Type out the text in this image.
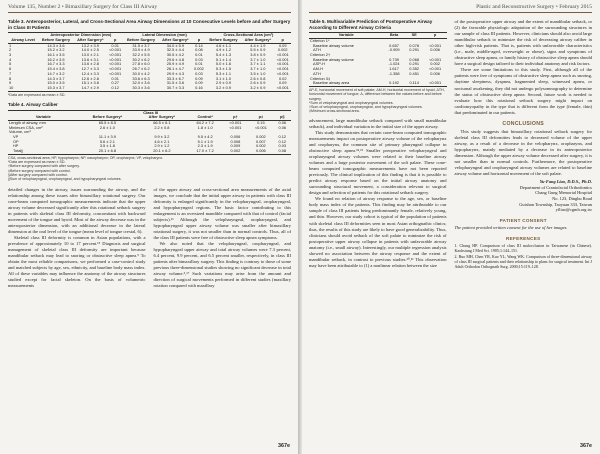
Volume 135, Number 2 • Bimaxillary Surgery for Class III Airway
Table 3. Anteroposterior, Lateral, and Cross-Sectional Area Airway Dimensions at 10 Consecutive Levels before and after Surgery in Class III Patients
	Anteroposterior Dimension (mm)			Lateral Dimension (mm)			Cross-Sectional Area (cm²)		
Airway Level	Before Surgery	After Surgery*	p	Before Surgery	After Surgery*	p	Before Surgery	After Surgery*	p
1	14.3 ± 3.6	13.2 ± 3.9	0.01	31.5 ± 3.7	34.0 ± 5.9	0.14	4.6 ± 1.1	4.4 ± 1.9	0.09
2	15.2 ± 3.2	14.0 ± 2.5	<0.001	33.9 ± 4.9	32.5 ± 4.4	0.08	4.9 ± 1.2	5.5 ± 0.9	0.002
3	16.1 ± 3.5	13.0 ± 2.1	<0.001	32.2 ± 5.5	30.5 ± 4.2	0.01	5.4 ± 1.3	3.8 ± 0.9	<0.001
4	16.2 ± 3.5	13.6 ± 3.1	<0.001	30.2 ± 6.2	29.6 ± 4.8	0.03	5.1 ± 1.4	3.7 ± 1.0	<0.001
5	16.7 ± 3.3	13.6 ± 2.8	<0.001	27.8 ± 6.0	25.9 ± 4.9	0.01	5.0 ± 1.6	3.7 ± 1.1	<0.001
6	15.4 ± 3.8	12.7 ± 3.3	<0.001	26.7 ± 6.2	26.1 ± 4.7	0.002	5.3 ± 1.5	3.7 ± 1.0	<0.001
7	14.7 ± 3.2	12.4 ± 3.3	<0.001	30.0 ± 4.2	29.9 ± 4.3	0.03	5.3 ± 1.1	3.5 ± 1.0	<0.001
8	14.3 ± 3.7	12.6 ± 2.8	0.01	33.6 ± 6.3	33.3 ± 6.7	0.09	3.1 ± 1.0	2.6 ± 0.8	0.02
9	15.0 ± 3.5	15.1 ± 3.8	0.27	32.0 ± 3.6	31.5 ± 3.6	0.09	2.9 ± 0.9	2.6 ± 0.9	0.09
10	15.3 ± 3.7	14.7 ± 2.9	0.12	30.3 ± 3.6	30.7 ± 3.3	0.16	3.2 ± 0.9	3.2 ± 0.9	<0.001
*Data are expressed as mean ± SD.
Table 4. Airway Caliber
	Class III					
Variable	Before Surgery*	After Surgery*	Control*	p†	p‡	p§
Length of airway, mm	65.5 ± 8.5	66.5 ± 6.1	64.2 ± 7.2	<0.001	0.15	0.06
Minimum CSA, cm²	2.6 ± 1.0	2.2 ± 0.8	1.8 ± 1.0	<0.001	<0.001	0.06
Volume, cm³						
VP	11.1 ± 3.9	9.9 ± 3.2	9.5 ± 4.2	0.006	0.002	0.12
OP	5.6 ± 2.1	4.6 ± 2.1	5.1 ± 1.9	0.008	0.007	0.12
HP	3.5 ± 1.8	2.9 ± 1.2	2.3 ± 1.9	0.009	0.002	0.03
Total||	20.1 ± 6.8	20.1 ± 6.2	17.0 ± 7.2	0.002	0.006	0.08
CSA, cross-sectional area; HP, hypopharynx; NP, nasopharynx; OP, oropharynx; VP, velopharynx.
*Data are expressed as mean ± SD.
†Before surgery compared with after surgery.
‡Before surgery compared with control.
§After surgery compared with control.
||Sum of velopharyngeal, oropharyngeal, and hypopharyngeal volumes.

detailed changes in the airway, issues surrounding the airway, and the relationship among these issues after bimaxillary rotational surgery. Our cone-beam computed tomographic measurements indicate that the upper airway volume decreased significantly after this rotational setback surgery in patients with skeletal class III deformity, concomitant with backward movement of the tongue and hyoid. Most of the airway decrease was in the anteroposterior dimension, with an additional decrease in the lateral dimension at the oral level of the tongue (mean level of tongue crestal, 6).

Skeletal class III deformity is common in Asian populations, with a prevalence of approximately 10 to 17 percent.¹⁵ Diagnosis and surgical management of skeletal class III deformity are important because mandibular setback may lead to snoring or obstructive sleep apnea.⁹ To obtain the most reliable comparisons, we performed a case-control study and matched subjects by age, sex, ethnicity, and baseline body mass index. All of these variables may influence the anatomy of the airway structures studied except for facial skeleton. On the basis of volumetric measurements

of the upper airway and cross-sectional area measurements of the axial images, we conclude that the initial upper airway in patients with class III deformity is enlarged significantly in the velopharyngeal, oropharyngeal, and hypopharyngeal regions. The basic factor contributing to this enlargement is an oversized mandible compared with that of control (facial subjects).¹⁶ Although the velopharyngeal, oropharyngeal, and hypopharyngeal upper airway volume was smaller after bimaxillary rotational surgery, it was not smaller than in normal controls. Thus, all of the class III patients were free of obstructive sleep apnea symptoms.

We also noted that the velopharyngeal, oropharyngeal, and hypopharyngeal upper airway and total airway volumes were 7.3 percent, 6.4 percent, 9.9 percent, and 6.5 percent smaller, respectively, in class III patients after bimaxillary surgery. This finding is contrary to those of some previous three-dimensional studies showing no significant decrease in total airway volume.⁵,¹⁷ Such variations may arise from the amount and direction of surgical movements performed in different studies (maxillary rotation compared with maxillary

367e
Plastic and Reconstructive Surgery • February 2015
Table 5. Multivariable Prediction of Postoperative Airway According to Different Airway Criteria
Variable	Beta	SE	p
Criterion 1*			
Baseline airway volume	0.657	0.078	<0.001
ΔTH	-0.909	0.291	0.006
Criterion 2†			
Baseline airway volume	0.739	0.068	<0.001
ΔSP-H	-1.024	0.291	0.002
ΔM-H	1.617	0.352	<0.001
ΔTH	-1.358	0.451	0.006
Criterion 3‡			
Baseline airway area	0.192	0.114	<0.001
ΔP-E, horizontal movement of soft palate; ΔM-H, horizontal movement of hyoid; ΔTH, horizontal movement of tongue; Δ, difference between the values before and before surgery.
*Sum of velopharyngeal and oropharyngeal volumes.
†Sum of velopharyngeal, oropharyngeal, and hypopharyngeal volumes.
‡Minimum cross-sectional area.

advancement, large mandibular setback compared with small mandibular setback), and individual variation in the initial size of the upper airway.

This study demonstrates that certain cone-beam computed tomographic measurements impact on postoperative airway volume of the velopharynx and oropharynx, the common site of primary pharyngeal collapse in obstructive sleep apnea.¹⁸,¹⁹ Smaller preoperative velopharyngeal and oropharyngeal airway volumes were related to their baseline airway volumes and a large posterior movement of the soft palate. These cone-beam computed tomographic measurements have not been reported previously. The clinical implication of this finding is that it is possible to predict airway response based on the initial airway anatomy and surrounding structural movement, a consideration relevant to surgical design and selection of patients for this rotational setback surgery.

We found no relation of airway response to the age, sex, or baseline body mass index of the patients. This finding may be attributable to our sample of class III patients being predominantly female, relatively young, and thin. However, our study cohort is typical of the population of patients with skeletal class III deformities seen in most Asian orthognathic clinics; thus, the results of this study are likely to have good generalizability. Thus, clinicians should avoid setback of the soft palate to minimize the risk of postoperative upper airway collapse in patients with unfavorable airway anatomy (i.e., small airway). Interestingly, our multiple regression analysis showed no association between the airway response and the extent of mandibular setback, in contrast to previous studies.²⁰,²¹ This observation may have been attributable to (1) a nonlinear relation between the size

of the postoperative upper airway and the extent of mandibular setback, or (2) the favorable physiologic adaptation of the surrounding structures in our sample of class III patients. However, clinicians should also avoid large mandibular setback to minimize the risk of decreasing airway caliber in other high-risk patients. That is, patients with unfavorable characteristics (i.e., male, middle-aged, overweight or obese), signs and symptoms of obstructive sleep apnea, or family history of obstructive sleep apnea should have a surgical design tailored to their individual anatomy and risk factors.

There are some limitations to this study. First, although all of the patients were free of symptoms of obstructive sleep apnea such as snoring, daytime sleepiness, dyspnea, fragmented sleep, witnessed apnea, or nocturnal awakening, they did not undergo polysomnography to determine the status of obstructive sleep apnea. Second, future work is needed to evaluate how this rotational setback surgery might impact on cardiomyopathy in the type that is different from the type (female, thin) that predominated in our patients.

CONCLUSIONS

This study suggests that bimaxillary rotational setback surgery for skeletal class III deformities leads to decreased volume of the upper airway, as a result of a decrease in the velopharynx, oropharynx, and hypopharynx, mainly mediated by a decrease in its anteroposterior dimension. Although the upper airway volume decreased after surgery, it is not smaller than in normal controls. Furthermore, the postoperative velopharyngeal and oropharyngeal airway volumes are related to baseline airway volume and horizontal movement of the soft palate.

Yu-Fang Liao, D.D.S., Ph.D.
Department of Craniofacial Orthodontics
Chang Gung Memorial Hospital
No. 123, Dinghu Road
Guishan Township, Taoyuan 333, Taiwan
yfliao@cgmh.org.tw
PATIENT CONSENT
The patient provided written consent for the use of her images.
REFERENCES
1. Chung HP. Comparison of class III malocclusion in Taiwanese (in Chinese). Kaohsiung J Med Sci. 1985;1:144–151.
2. Ruo MH, Chen YR, Kuo YL, Wang WK. Comparison of three-dimensional airway of class III surgical patients and their relationship to plans for surgical treatment. Int J Adult Orthodon Orthognath Surg. 2000;15:119–128.
367e
